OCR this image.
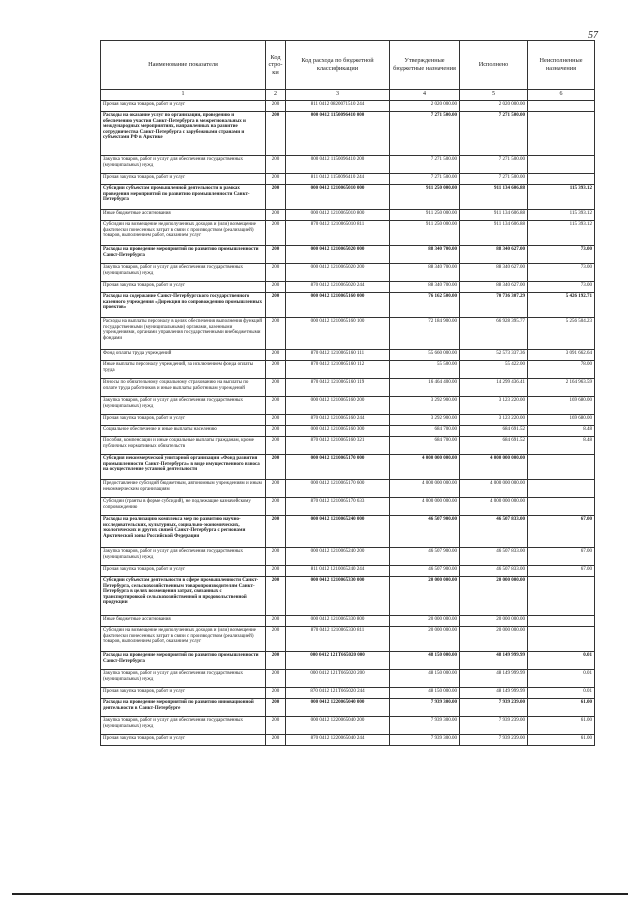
57
Наименование показателя	Код стро-ки	Код расхода по бюджетной классификации	Утвержденные бюджетные назначения	Исполнено	Неисполненные назначения
1	2	3	4	5	6
Прочая закупка товаров, работ и услуг	200	811 0412 0820071510 244	2 020 000.00	2 020 000.00	
Расходы на оказание услуг по организации, проведению и обеспечению участия Санкт-Петербурга в межрегиональных и международных мероприятиях, направленных на развитие сотрудничества Санкт-Петербурга с зарубежными странами и субъектами РФ в Арктике	200	000 0412 1150096410 000	7 271 500.00	7 271 500.00	
Закупка товаров, работ и услуг для обеспечения государственных (муниципальных) нужд	200	000 0412 1150096410 200	7 271 500.00	7 271 500.00	
Прочая закупка товаров, работ и услуг	200	811 0412 1150096410 244	7 271 500.00	7 271 500.00	
Субсидии субъектам промышленной деятельности в рамках проведения мероприятий по развитию промышленности Санкт-Петербурга	200	000 0412 1210065010 000	911 250 000.00	911 134 606.88	115 393.12
Иные бюджетные ассигнования	200	000 0412 1210065010 800	911 250 000.00	911 134 606.88	115 393.12
Субсидии на возмещение недополученных доходов и (или) возмещение фактически понесенных затрат в связи с производством (реализацией) товаров, выполнением работ, оказанием услуг	200	870 0412 1210065010 811	911 250 000.00	911 134 606.88	115 393.12
Расходы на проведение мероприятий по развитию промышленности Санкт-Петербурга	200	000 0412 1210065020 000	88 340 700.00	88 340 627.00	73.00
Закупка товаров, работ и услуг для обеспечения государственных (муниципальных) нужд	200	000 0412 1210065020 200	88 340 700.00	88 340 627.00	73.00
Прочая закупка товаров, работ и услуг	200	870 0412 1210065020 244	88 340 700.00	88 340 627.00	73.00
Расходы на содержание Санкт-Петербургского государственного казенного учреждения «Дирекция по сопровождению промышленных проектов»	200	000 0412 1210065160 000	76 162 500.00	70 736 307.29	5 426 192.71
Расходы на выплаты персоналу в целях обеспечения выполнения функций государственными (муниципальными) органами, казенными учреждениями, органами управления государственными внебюджетными фондами	200	000 0412 1210065160 100	72 184 900.00	66 928 395.77	5 256 504.23
Фонд оплаты труда учреждений	200	870 0412 1210065160 111	55 660 000.00	52 573 337.36	3 091 662.64
Иные выплаты персоналу учреждений, за исключением фонда оплаты труда	200	870 0412 1210065160 112	55 500.00	55 422.00	78.00
Взносы по обязательному социальному страхованию на выплаты по оплате труда работников и иные выплаты работникам учреждений	200	870 0412 1210065160 119	16 464 400.00	14 299 436.41	2 164 963.59
Закупка товаров, работ и услуг для обеспечения государственных (муниципальных) нужд	200	000 0412 1210065160 200	3 292 900.00	3 123 220.00	169 680.00
Прочая закупка товаров, работ и услуг	200	870 0412 1210065160 244	3 292 900.00	3 123 220.00	169 680.00
Социальное обеспечение и иные выплаты населению	200	000 0412 1210065160 300	684 700.00	684 691.52	8.48
Пособия, компенсации и иные социальные выплаты гражданам, кроме публичных нормативных обязательств	200	870 0412 1210065160 321	684 700.00	684 691.52	8.48
Субсидия некоммерческой унитарной организации «Фонд развития промышленности Санкт-Петербурга» в виде имущественного взноса на осуществление уставной деятельности	200	000 0412 1210065170 000	4 000 000 000.00	4 000 000 000.00	
Предоставление субсидий бюджетным, автономным учреждениям и иным некоммерческим организациям	200	000 0412 1210065170 600	4 000 000 000.00	4 000 000 000.00	
Субсидии (гранты в форме субсидий), не подлежащие казначейскому сопровождению	200	870 0412 1210065170 633	4 000 000 000.00	4 000 000 000.00	
Расходы на реализацию комплекса мер по развитию научно-исследовательских, культурных, социально-экономических, экологических и других связей Санкт-Петербурга с регионами Арктической зоны Российской Федерации	200	000 0412 1210065240 000	46 507 900.00	46 507 833.00	67.00
Закупка товаров, работ и услуг для обеспечения государственных (муниципальных) нужд	200	000 0412 1210065240 200	46 507 900.00	46 507 833.00	67.00
Прочая закупка товаров, работ и услуг	200	811 0412 1210065240 244	46 507 900.00	46 507 833.00	67.00
Субсидии субъектам деятельности в сфере промышленности Санкт-Петербурга, сельскохозяйственным товаропроизводителям Санкт-Петербурга в целях возмещения затрат, связанных с транспортировкой сельскохозяйственной и продовольственной продукции	200	000 0412 1210065330 000	20 000 000.00	20 000 000.00	
Иные бюджетные ассигнования	200	000 0412 1210065330 800	20 000 000.00	20 000 000.00	
Субсидии на возмещение недополученных доходов и (или) возмещение фактически понесенных затрат в связи с производством (реализацией) товаров, выполнением работ, оказанием услуг	200	870 0412 1210065330 811	20 000 000.00	20 000 000.00	
Расходы на проведение мероприятий по развитию промышленности Санкт-Петербурга	200	000 0412 121Т665020 000	48 150 000.00	48 149 999.99	0.01
Закупка товаров, работ и услуг для обеспечения государственных (муниципальных) нужд	200	000 0412 121Т665020 200	48 150 000.00	48 149 999.99	0.01
Прочая закупка товаров, работ и услуг	200	870 0412 121Т665020 244	48 150 000.00	48 149 999.99	0.01
Расходы на проведение мероприятий по развитию инновационной деятельности в Санкт-Петербурге	200	000 0412 1220065040 000	7 939 300.00	7 939 239.00	61.00
Закупка товаров, работ и услуг для обеспечения государственных (муниципальных) нужд	200	000 0412 1220065040 200	7 939 300.00	7 939 239.00	61.00
Прочая закупка товаров, работ и услуг	200	870 0412 1220065040 244	7 939 300.00	7 939 239.00	61.00
